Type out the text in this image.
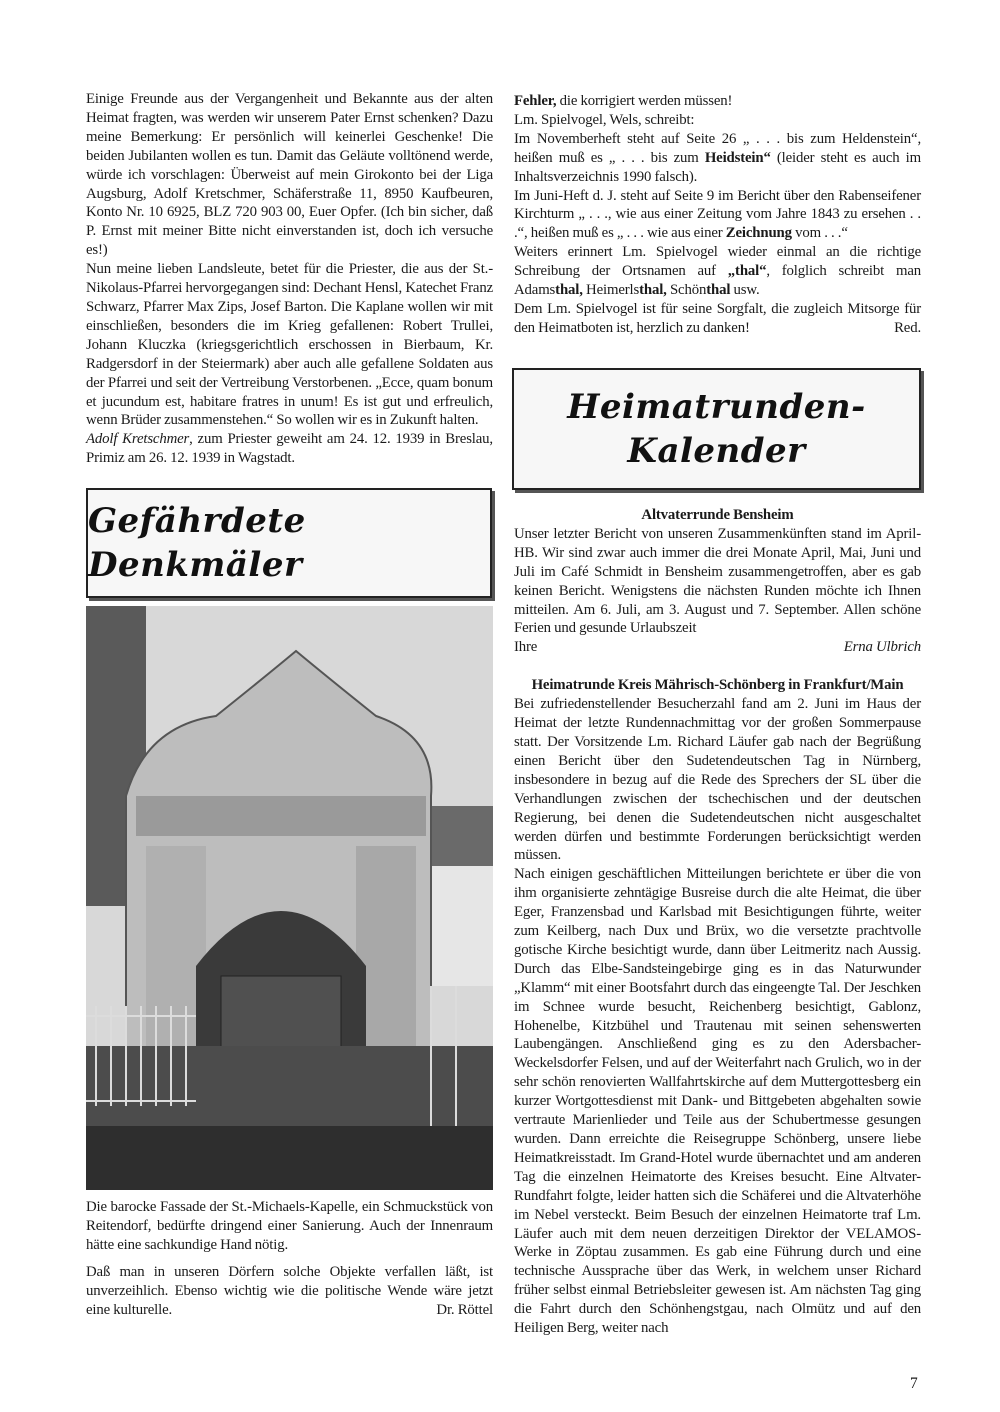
Einige Freunde aus der Vergangenheit und Bekannte aus der alten Heimat fragten, was werden wir unserem Pater Ernst schenken? Dazu meine Bemerkung: Er persönlich will keinerlei Geschenke! Die beiden Jubilanten wollen es tun. Damit das Geläute volltönend werde, würde ich vorschlagen: Überweist auf mein Girokonto bei der Liga Augsburg, Adolf Kretschmer, Schäferstraße 11, 8950 Kaufbeuren, Konto Nr. 10 6925, BLZ 720 903 00, Euer Opfer. (Ich bin sicher, daß P. Ernst mit meiner Bitte nicht einverstanden ist, doch ich versuche es!)

Nun meine lieben Landsleute, betet für die Priester, die aus der St.-Nikolaus-Pfarrei hervorgegangen sind: Dechant Hensl, Katechet Franz Schwarz, Pfarrer Max Zips, Josef Barton. Die Kaplane wollen wir mit einschließen, besonders die im Krieg gefallenen: Robert Trullei, Johann Kluczka (kriegsgerichtlich erschossen in Bierbaum, Kr. Radgersdorf in der Steiermark) aber auch alle gefallene Soldaten aus der Pfarrei und seit der Vertreibung Verstorbenen. „Ecce, quam bonum et jucundum est, habitare fratres in unum! Es ist gut und erfreulich, wenn Brüder zusammenstehen.“ So wollen wir es in Zukunft halten.

Adolf Kretschmer, zum Priester geweiht am 24. 12. 1939 in Breslau, Primiz am 26. 12. 1939 in Wagstadt.

Gefährdete Denkmäler

Die barocke Fassade der St.-Michaels-Kapelle, ein Schmuckstück von Reitendorf, bedürfte dringend einer Sanierung. Auch der Innenraum hätte eine sachkundige Hand nötig.

Daß man in unseren Dörfern solche Objekte verfallen läßt, ist unverzeihlich. Ebenso wichtig wie die politische Wende wäre jetzt eine kulturelle.	Dr. Röttel

Fehler, die korrigiert werden müssen!

Lm. Spielvogel, Wels, schreibt:

Im Novemberheft steht auf Seite 26 „ . . . bis zum Heldenstein“, heißen muß es „ . . . bis zum Heidstein“ (leider steht es auch im Inhaltsverzeichnis 1990 falsch).

Im Juni-Heft d. J. steht auf Seite 9 im Bericht über den Rabenseifener Kirchturm „ . . ., wie aus einer Zeitung vom Jahre 1843 zu ersehen . . .“, heißen muß es „ . . . wie aus einer Zeichnung vom . . .“

Weiters erinnert Lm. Spielvogel wieder einmal an die richtige Schreibung der Ortsnamen auf „thal“, folglich schreibt man Adamsthal, Heimerlsthal, Schönthal usw.

Dem Lm. Spielvogel ist für seine Sorgfalt, die zugleich Mitsorge für den Heimatboten ist, herzlich zu danken!	Red.

Heimatrunden-
Kalender

Altvaterrunde Bensheim

Unser letzter Bericht von unseren Zusammenkünften stand im April-HB. Wir sind zwar auch immer die drei Monate April, Mai, Juni und Juli im Café Schmidt in Bensheim zusammengetroffen, aber es gab keinen Bericht. Wenigstens die nächsten Runden möchte ich Ihnen mitteilen. Am 6. Juli, am 3. August und 7. September. Allen schöne Ferien und gesunde Urlaubszeit

Ihre	Erna Ulbrich

Heimatrunde Kreis Mährisch-Schönberg in Frankfurt/Main

Bei zufriedenstellender Besucherzahl fand am 2. Juni im Haus der Heimat der letzte Rundennachmittag vor der großen Sommerpause statt. Der Vorsitzende Lm. Richard Läufer gab nach der Begrüßung einen Bericht über den Sudetendeutschen Tag in Nürnberg, insbesondere in bezug auf die Rede des Sprechers der SL über die Verhandlungen zwischen der tschechischen und der deutschen Regierung, bei denen die Sudetendeutschen nicht ausgeschaltet werden dürfen und bestimmte Forderungen berücksichtigt werden müssen.

Nach einigen geschäftlichen Mitteilungen berichtete er über die von ihm organisierte zehntägige Busreise durch die alte Heimat, die über Eger, Franzensbad und Karlsbad mit Besichtigungen führte, weiter zum Keilberg, nach Dux und Brüx, wo die versetzte prachtvolle gotische Kirche besichtigt wurde, dann über Leitmeritz nach Aussig. Durch das Elbe-Sandsteingebirge ging es in das Naturwunder „Klamm“ mit einer Bootsfahrt durch das eingeengte Tal. Der Jeschken im Schnee wurde besucht, Reichenberg besichtigt, Gablonz, Hohenelbe, Kitzbühel und Trautenau mit seinen sehenswerten Laubengängen. Anschließend ging es zu den Adersbacher-Weckelsdorfer Felsen, und auf der Weiterfahrt nach Grulich, wo in der sehr schön renovierten Wallfahrtskirche auf dem Muttergottesberg ein kurzer Wortgottesdienst mit Dank- und Bittgebeten abgehalten sowie vertraute Marienlieder und Teile aus der Schubertmesse gesungen wurden. Dann erreichte die Reisegruppe Schönberg, unsere liebe Heimatkreisstadt. Im Grand-Hotel wurde übernachtet und am anderen Tag die einzelnen Heimatorte des Kreises besucht. Eine Altvater-Rundfahrt folgte, leider hatten sich die Schäferei und die Altvaterhöhe im Nebel versteckt. Beim Besuch der einzelnen Heimatorte traf Lm. Läufer auch mit dem neuen derzeitigen Direktor der VELAMOS-Werke in Zöptau zusammen. Es gab eine Führung durch und eine technische Aussprache über das Werk, in welchem unser Richard früher selbst einmal Betriebsleiter gewesen ist. Am nächsten Tag ging die Fahrt durch den Schönhengstgau, nach Olmütz und auf den Heiligen Berg, weiter nach

7
